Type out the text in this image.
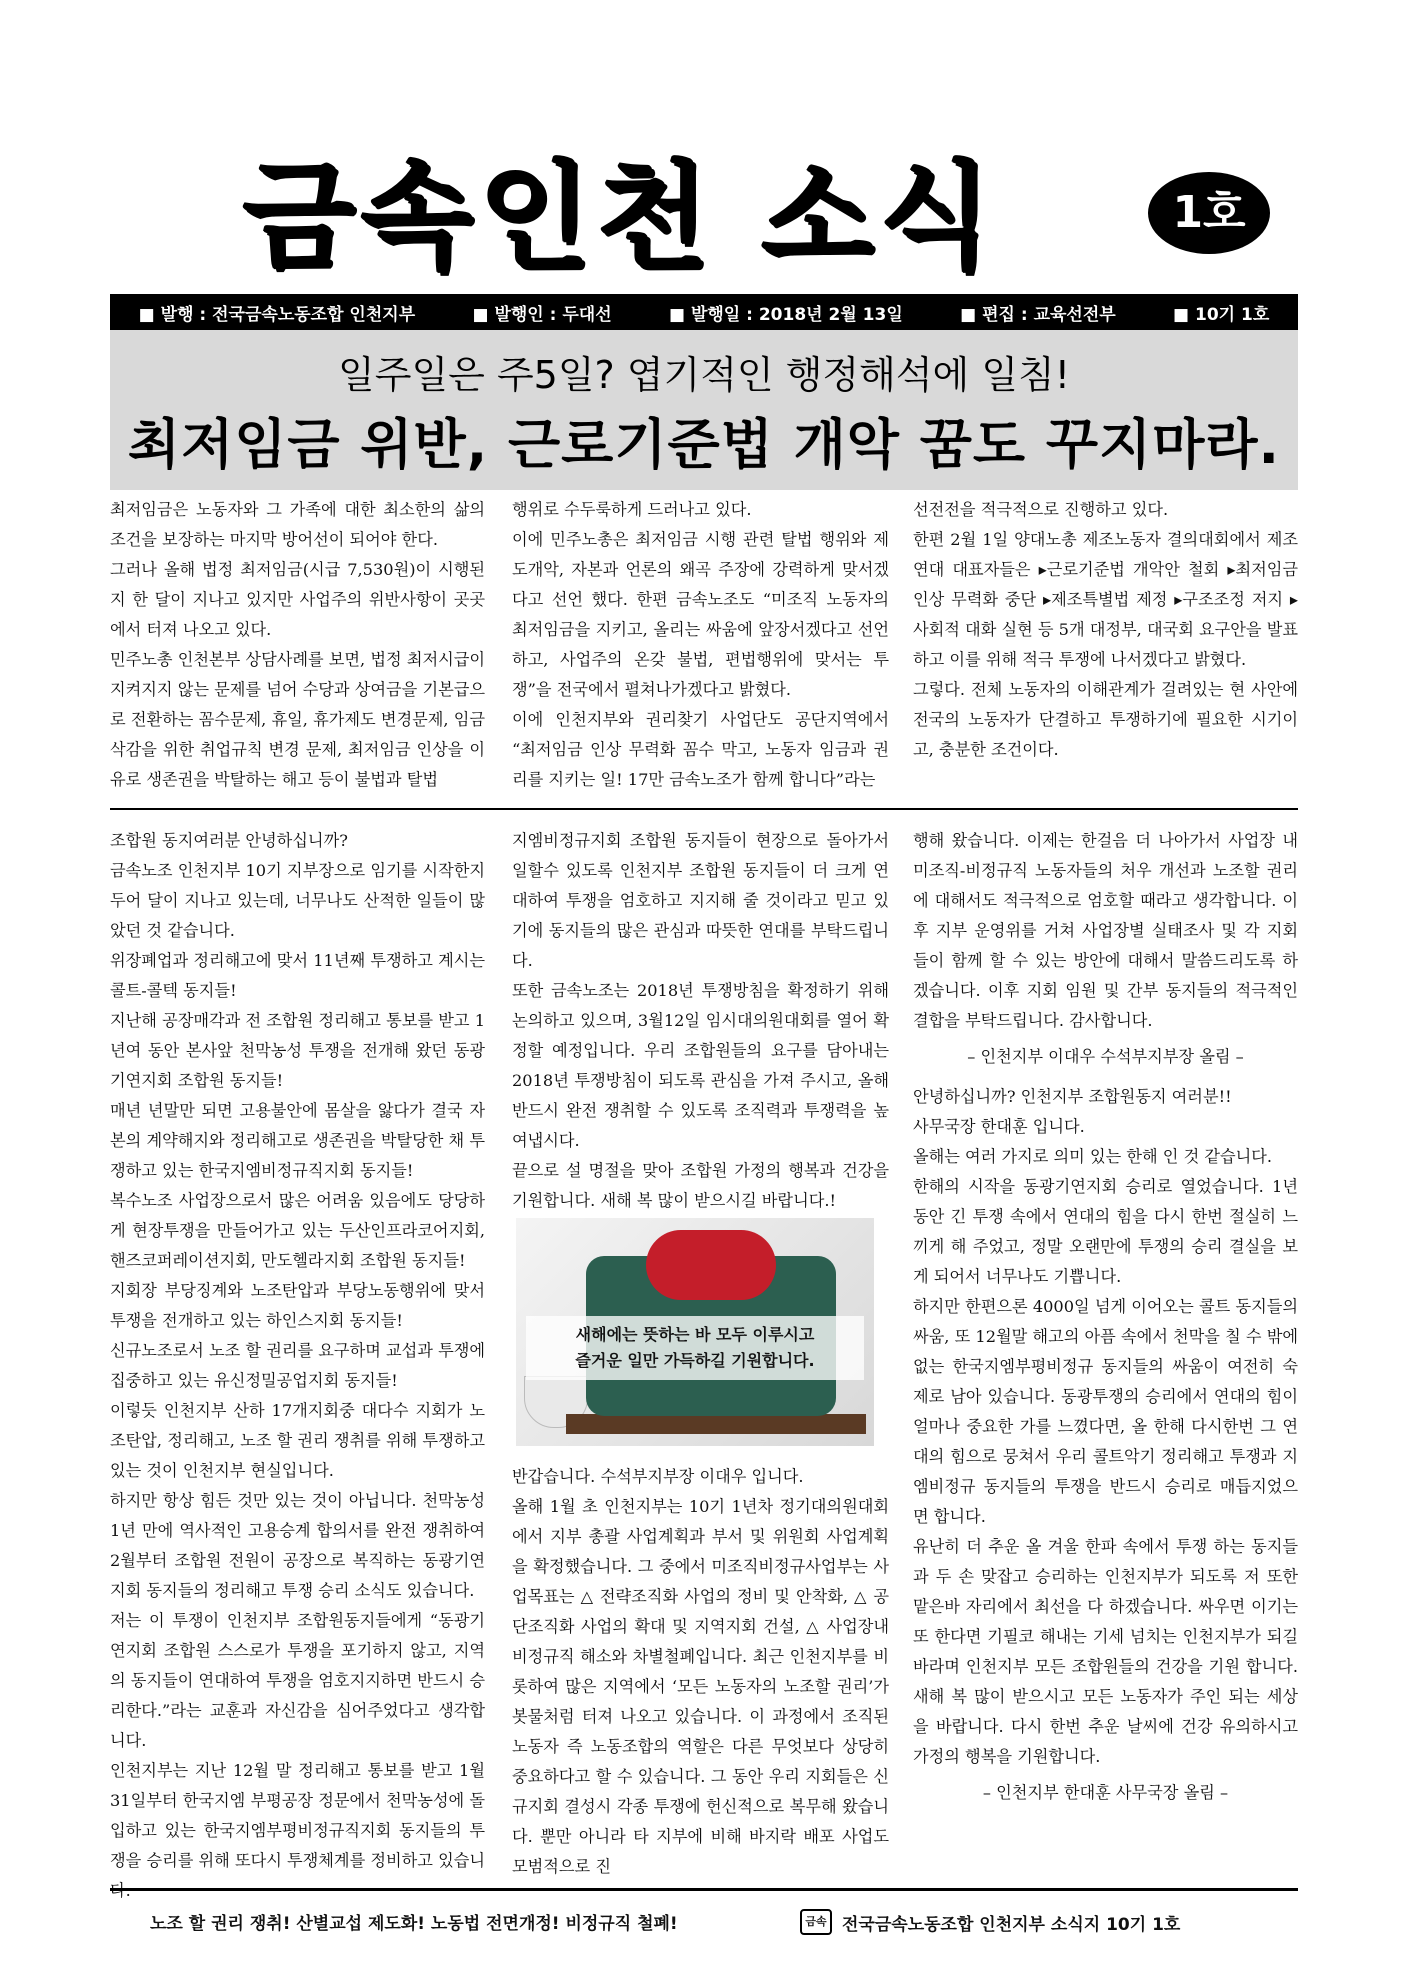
금속인천 소식	1호
■ 발행 : 전국금속노동조합 인천지부	■ 발행인 : 두대선	■ 발행일 : 2018년 2월 13일	■ 편집 : 교육선전부	■ 10기 1호
일주일은 주5일? 엽기적인 행정해석에 일침!
최저임금 위반, 근로기준법 개악 꿈도 꾸지마라.

최저임금은 노동자와 그 가족에 대한 최소한의 삶의 조건을 보장하는 마지막 방어선이 되어야 한다.

그러나 올해 법정 최저임금(시급 7,530원)이 시행된 지 한 달이 지나고 있지만 사업주의 위반사항이 곳곳에서 터져 나오고 있다.

민주노총 인천본부 상담사례를 보면, 법정 최저시급이 지켜지지 않는 문제를 넘어 수당과 상여금을 기본급으로 전환하는 꼼수문제, 휴일, 휴가제도 변경문제, 임금 삭감을 위한 취업규칙 변경 문제, 최저임금 인상을 이유로 생존권을 박탈하는 해고 등이 불법과 탈법

행위로 수두룩하게 드러나고 있다.

이에 민주노총은 최저임금 시행 관련 탈법 행위와 제도개악, 자본과 언론의 왜곡 주장에 강력하게 맞서겠다고 선언 했다. 한편 금속노조도 “미조직 노동자의 최저임금을 지키고, 올리는 싸움에 앞장서겠다고 선언하고, 사업주의 온갖 불법, 편법행위에 맞서는 투쟁”을 전국에서 펼쳐나가겠다고 밝혔다.

이에 인천지부와 권리찾기 사업단도 공단지역에서 “최저임금 인상 무력화 꼼수 막고, 노동자 임금과 권리를 지키는 일! 17만 금속노조가 함께 합니다”라는

선전전을 적극적으로 진행하고 있다.

한편 2월 1일 양대노총 제조노동자 결의대회에서 제조연대 대표자들은 ▸근로기준법 개악안 철회 ▸최저임금인상 무력화 중단 ▸제조특별법 제정 ▸구조조정 저지 ▸사회적 대화 실현 등 5개 대정부, 대국회 요구안을 발표하고 이를 위해 적극 투쟁에 나서겠다고 밝혔다.

그렇다. 전체 노동자의 이해관계가 걸려있는 현 사안에 전국의 노동자가 단결하고 투쟁하기에 필요한 시기이고, 충분한 조건이다.

조합원 동지여러분 안녕하십니까?

금속노조 인천지부 10기 지부장으로 임기를 시작한지 두어 달이 지나고 있는데, 너무나도 산적한 일들이 많았던 것 같습니다.

위장폐업과 정리해고에 맞서 11년째 투쟁하고 계시는 콜트-콜텍 동지들!

지난해 공장매각과 전 조합원 정리해고 통보를 받고 1년여 동안 본사앞 천막농성 투쟁을 전개해 왔던 동광기연지회 조합원 동지들!

매년 년말만 되면 고용불안에 몸살을 앓다가 결국 자본의 계약해지와 정리해고로 생존권을 박탈당한 채 투쟁하고 있는 한국지엠비정규직지회 동지들!

복수노조 사업장으로서 많은 어려움 있음에도 당당하게 현장투쟁을 만들어가고 있는 두산인프라코어지회, 핸즈코퍼레이션지회, 만도헬라지회 조합원 동지들!

지회장 부당징계와 노조탄압과 부당노동행위에 맞서 투쟁을 전개하고 있는 하인스지회 동지들!

신규노조로서 노조 할 권리를 요구하며 교섭과 투쟁에 집중하고 있는 유신정밀공업지회 동지들!

이렇듯 인천지부 산하 17개지회중 대다수 지회가 노조탄압, 정리해고, 노조 할 권리 쟁취를 위해 투쟁하고 있는 것이 인천지부 현실입니다.

하지만 항상 힘든 것만 있는 것이 아닙니다. 천막농성 1년 만에 역사적인 고용승계 합의서를 완전 쟁취하여 2월부터 조합원 전원이 공장으로 복직하는 동광기연지회 동지들의 정리해고 투쟁 승리 소식도 있습니다.

저는 이 투쟁이 인천지부 조합원동지들에게 “동광기연지회 조합원 스스로가 투쟁을 포기하지 않고, 지역의 동지들이 연대하여 투쟁을 엄호지지하면 반드시 승리한다.”라는 교훈과 자신감을 심어주었다고 생각합니다.

인천지부는 지난 12월 말 정리해고 통보를 받고 1월 31일부터 한국지엠 부평공장 정문에서 천막농성에 돌입하고 있는 한국지엠부평비정규직지회 동지들의 투쟁을 승리를 위해 또다시 투쟁체계를 정비하고 있습니다.

지엠비정규지회 조합원 동지들이 현장으로 돌아가서 일할수 있도록 인천지부 조합원 동지들이 더 크게 연대하여 투쟁을 엄호하고 지지해 줄 것이라고 믿고 있기에 동지들의 많은 관심과 따뜻한 연대를 부탁드립니다.

또한 금속노조는 2018년 투쟁방침을 확정하기 위해 논의하고 있으며, 3월12일 임시대의원대회를 열어 확정할 예정입니다. 우리 조합원들의 요구를 담아내는 2018년 투쟁방침이 되도록 관심을 가져 주시고, 올해 반드시 완전 쟁취할 수 있도록 조직력과 투쟁력을 높여냅시다.

끝으로 설 명절을 맞아 조합원 가정의 행복과 건강을 기원합니다. 새해 복 많이 받으시길 바랍니다.!

새해에는 뜻하는 바 모두 이루시고
즐거운 일만 가득하길 기원합니다.

반갑습니다. 수석부지부장 이대우 입니다.

올해 1월 초 인천지부는 10기 1년차 정기대의원대회에서 지부 총괄 사업계획과 부서 및 위원회 사업계획을 확정했습니다. 그 중에서 미조직비정규사업부는 사업목표는 △ 전략조직화 사업의 정비 및 안착화, △ 공단조직화 사업의 확대 및 지역지회 건설, △ 사업장내 비정규직 해소와 차별철폐입니다. 최근 인천지부를 비롯하여 많은 지역에서 ‘모든 노동자의 노조할 권리’가 봇물처럼 터져 나오고 있습니다. 이 과정에서 조직된 노동자 즉 노동조합의 역할은 다른 무엇보다 상당히 중요하다고 할 수 있습니다. 그 동안 우리 지회들은 신규지회 결성시 각종 투쟁에 헌신적으로 복무해 왔습니다. 뿐만 아니라 타 지부에 비해 바지락 배포 사업도 모범적으로 진

행해 왔습니다. 이제는 한걸음 더 나아가서 사업장 내 미조직-비정규직 노동자들의 처우 개선과 노조할 권리에 대해서도 적극적으로 엄호할 때라고 생각합니다. 이후 지부 운영위를 거쳐 사업장별 실태조사 및 각 지회들이 함께 할 수 있는 방안에 대해서 말씀드리도록 하겠습니다. 이후 지회 임원 및 간부 동지들의 적극적인 결합을 부탁드립니다. 감사합니다.

– 인천지부 이대우 수석부지부장 올림 –

안녕하십니까? 인천지부 조합원동지 여러분!!

사무국장 한대훈 입니다.

올해는 여러 가지로 의미 있는 한해 인 것 같습니다.

한해의 시작을 동광기연지회 승리로 열었습니다. 1년 동안 긴 투쟁 속에서 연대의 힘을 다시 한번 절실히 느끼게 해 주었고, 정말 오랜만에 투쟁의 승리 결실을 보게 되어서 너무나도 기쁩니다.

하지만 한편으론 4000일 넘게 이어오는 콜트 동지들의 싸움, 또 12월말 해고의 아픔 속에서 천막을 칠 수 밖에 없는 한국지엠부평비정규 동지들의 싸움이 여전히 숙제로 남아 있습니다. 동광투쟁의 승리에서 연대의 힘이 얼마나 중요한 가를 느꼈다면, 올 한해 다시한번 그 연대의 힘으로 뭉쳐서 우리 콜트악기 정리해고 투쟁과 지엠비정규 동지들의 투쟁을 반드시 승리로 매듭지었으면 합니다.

유난히 더 추운 올 겨울 한파 속에서 투쟁 하는 동지들과 두 손 맞잡고 승리하는 인천지부가 되도록 저 또한 맡은바 자리에서 최선을 다 하겠습니다. 싸우면 이기는 또 한다면 기필코 해내는 기세 넘치는 인천지부가 되길 바라며 인천지부 모든 조합원들의 건강을 기원 합니다. 새해 복 많이 받으시고 모든 노동자가 주인 되는 세상을 바랍니다. 다시 한번 추운 날씨에 건강 유의하시고 가정의 행복을 기원합니다.

– 인천지부 한대훈 사무국장 올림 –

노조 할 권리 쟁취! 산별교섭 제도화! 노동법 전면개정! 비정규직 철폐!	금속 전국금속노동조합 인천지부 소식지 10기 1호
